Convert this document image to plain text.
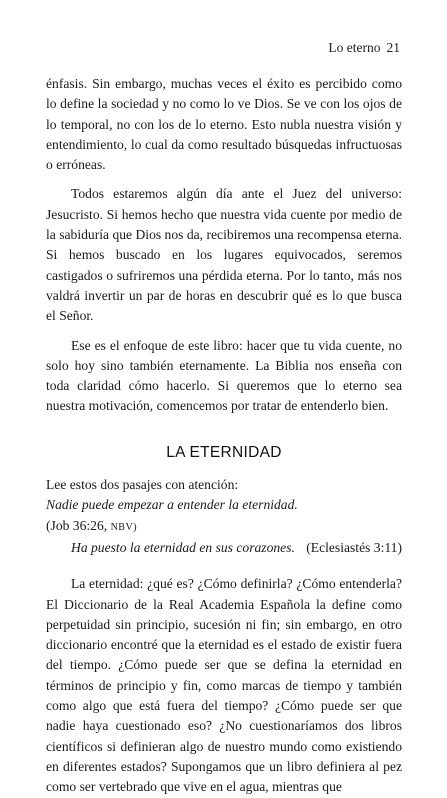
Lo eterno 21

énfasis. Sin embargo, muchas veces el éxito es percibido como lo define la sociedad y no como lo ve Dios. Se ve con los ojos de lo temporal, no con los de lo eterno. Esto nubla nuestra visión y entendimiento, lo cual da como resultado búsquedas infructuosas o erróneas.

Todos estaremos algún día ante el Juez del universo: Jesucristo. Si hemos hecho que nuestra vida cuente por medio de la sabiduría que Dios nos da, recibiremos una recompensa eterna. Si hemos buscado en los lugares equivocados, seremos castigados o sufriremos una pérdida eterna. Por lo tanto, más nos valdrá invertir un par de horas en descubrir qué es lo que busca el Señor.

Ese es el enfoque de este libro: hacer que tu vida cuente, no solo hoy sino también eternamente. La Biblia nos enseña con toda claridad cómo hacerlo. Si queremos que lo eterno sea nuestra motivación, comencemos por tratar de entenderlo bien.

LA ETERNIDAD

Lee estos dos pasajes con atención:

Nadie puede empezar a entender la eternidad.

(Job 36:26, NBV)

Ha puesto la eternidad en sus corazones. (Eclesiastés 3:11)

La eternidad: ¿qué es? ¿Cómo definirla? ¿Cómo entenderla? El Diccionario de la Real Academia Española la define como perpetuidad sin principio, sucesión ni fin; sin embargo, en otro diccionario encontré que la eternidad es el estado de existir fuera del tiempo. ¿Cómo puede ser que se defina la eternidad en términos de principio y fin, como marcas de tiempo y también como algo que está fuera del tiempo? ¿Cómo puede ser que nadie haya cuestionado eso? ¿No cuestionaríamos dos libros científicos si definieran algo de nuestro mundo como existiendo en diferentes estados? Supongamos que un libro definiera al pez como ser vertebrado que vive en el agua, mientras que
